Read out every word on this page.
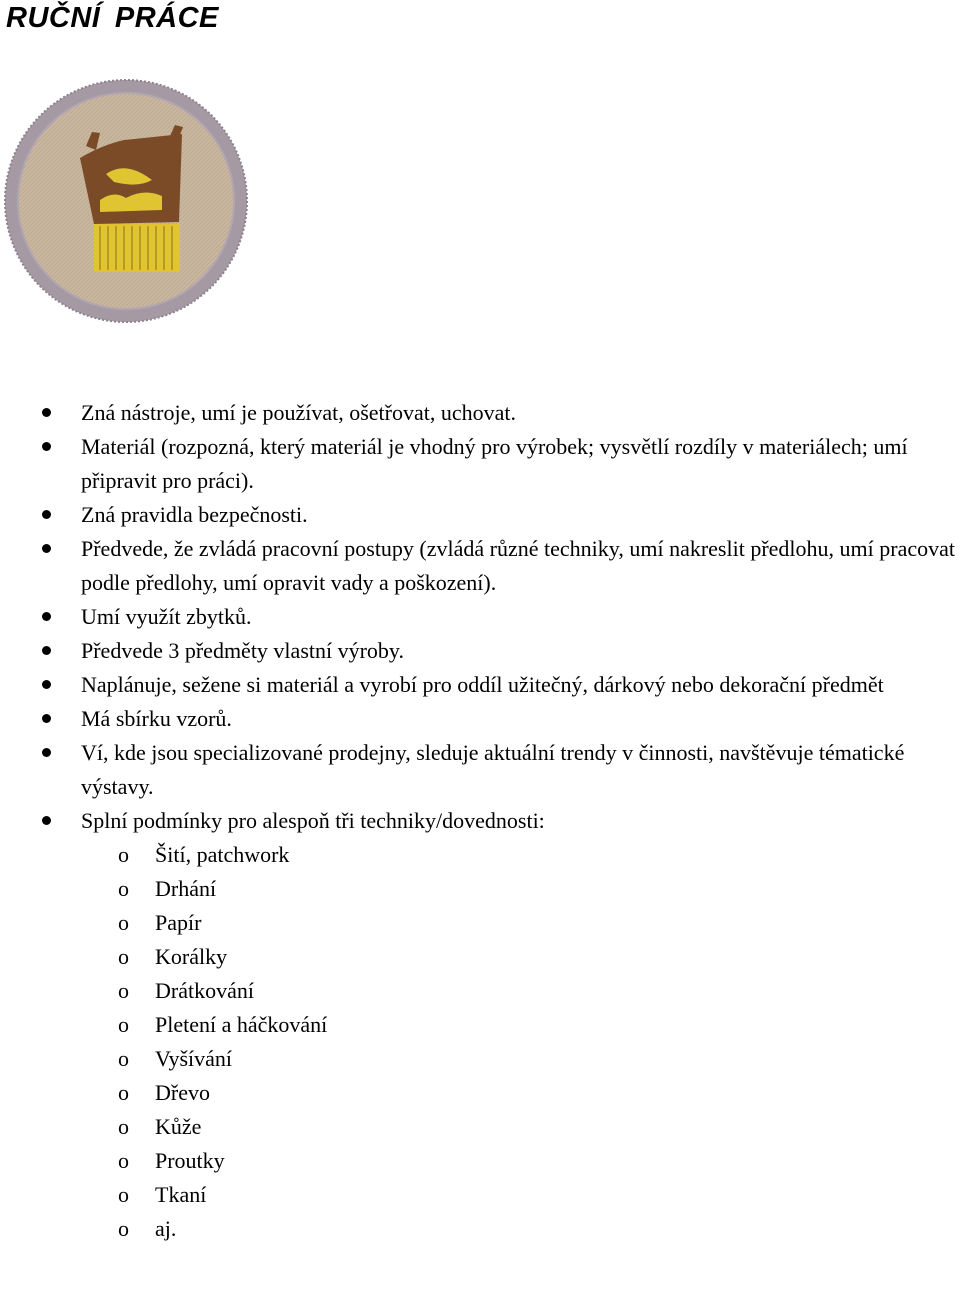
RUČNÍ PRÁCE
Zná nástroje, umí je používat, ošetřovat, uchovat.
Materiál (rozpozná, který materiál je vhodný pro výrobek; vysvětlí rozdíly v materiálech; umí připravit pro práci).
Zná pravidla bezpečnosti.
Předvede, že zvládá pracovní postupy (zvládá různé techniky, umí nakreslit předlohu, umí pracovat podle předlohy, umí opravit vady a poškození).
Umí využít zbytků.
Předvede 3 předměty vlastní výroby.
Naplánuje, sežene si materiál a vyrobí pro oddíl užitečný, dárkový nebo dekorační předmět
Má sbírku vzorů.
Ví, kde jsou specializované prodejny, sleduje aktuální trendy v činnosti, navštěvuje tématické výstavy.
Splní podmínky pro alespoň tři techniky/dovednosti:
o Šití, patchwork
o Drhání
o Papír
o Korálky
o Drátkování
o Pletení a háčkování
o Vyšívání
o Dřevo
o Kůže
o Proutky
o Tkaní
o aj.
